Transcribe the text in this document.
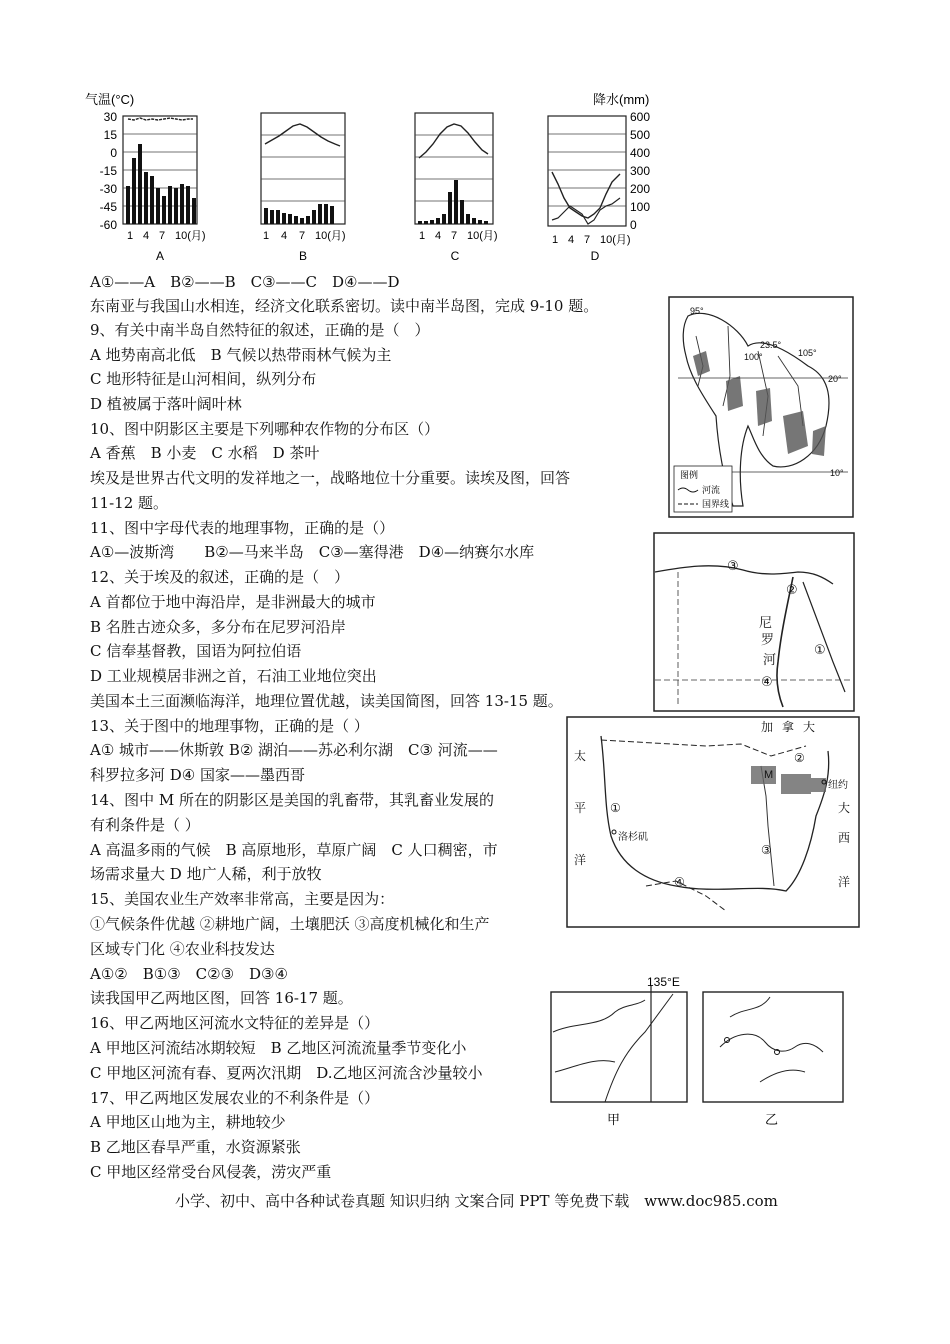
气温(°C)	降水(mm)
30
15
0
-15
-30
-45
-60
600
500
400
300
200
100
0
A	B	C	D
1 4 7 10(月)	1 4 7 10(月)	1 4 7 10(月)	1 4 7 10(月)
95°
23.5°
100°	105°
20°
10°
图例
河流
国界线
③
②
①
④
尼
罗
河
加 拿 大
太
平
洋
大
西
洋
纽约
洛杉矶
M
①
②
③
④
135°E
甲	乙
A①——A　B②——B　C③——C　D④——D
东南亚与我国山水相连，经济文化联系密切。读中南半岛图，完成 9-10 题。
9、有关中南半岛自然特征的叙述，正确的是（　）
A 地势南高北低　B 气候以热带雨林气候为主
C 地形特征是山河相间，纵列分布
D 植被属于落叶阔叶林
10、图中阴影区主要是下列哪种农作物的分布区（）
A 香蕉　B 小麦　C 水稻　D 茶叶
埃及是世界古代文明的发祥地之一，战略地位十分重要。读埃及图，回答
11-12 题。
11、图中字母代表的地理事物，正确的是（）
A①—波斯湾　　B②—马来半岛　C③—塞得港　D④—纳赛尔水库
12、关于埃及的叙述，正确的是（　）
A 首都位于地中海沿岸，是非洲最大的城市
B 名胜古迹众多，多分布在尼罗河沿岸
C 信奉基督教，国语为阿拉伯语
D 工业规模居非洲之首，石油工业地位突出
美国本土三面濒临海洋，地理位置优越，读美国简图，回答 13-15 题。
13、关于图中的地理事物，正确的是（ ）
A① 城市——休斯敦 B② 湖泊——苏必利尔湖　C③ 河流——
科罗拉多河 D④ 国家——墨西哥
14、图中 M 所在的阴影区是美国的乳畜带，其乳畜业发展的
有利条件是（ ）
A 高温多雨的气候　B 高原地形，草原广阔　C 人口稠密，市
场需求量大 D 地广人稀，利于放牧
15、美国农业生产效率非常高，主要是因为：
①气候条件优越 ②耕地广阔，土壤肥沃 ③高度机械化和生产
区域专门化 ④农业科技发达
A①②　B①③　C②③　D③④
读我国甲乙两地区图，回答 16-17 题。
16、甲乙两地区河流水文特征的差异是（）
A 甲地区河流结冰期较短　B 乙地区河流流量季节变化小
C 甲地区河流有春、夏两次汛期　D.乙地区河流含沙量较小
17、甲乙两地区发展农业的不利条件是（）
A 甲地区山地为主，耕地较少
B 乙地区春旱严重，水资源紧张
C 甲地区经常受台风侵袭，涝灾严重
小学、初中、高中各种试卷真题 知识归纳 文案合同 PPT 等免费下载　www.doc985.com
